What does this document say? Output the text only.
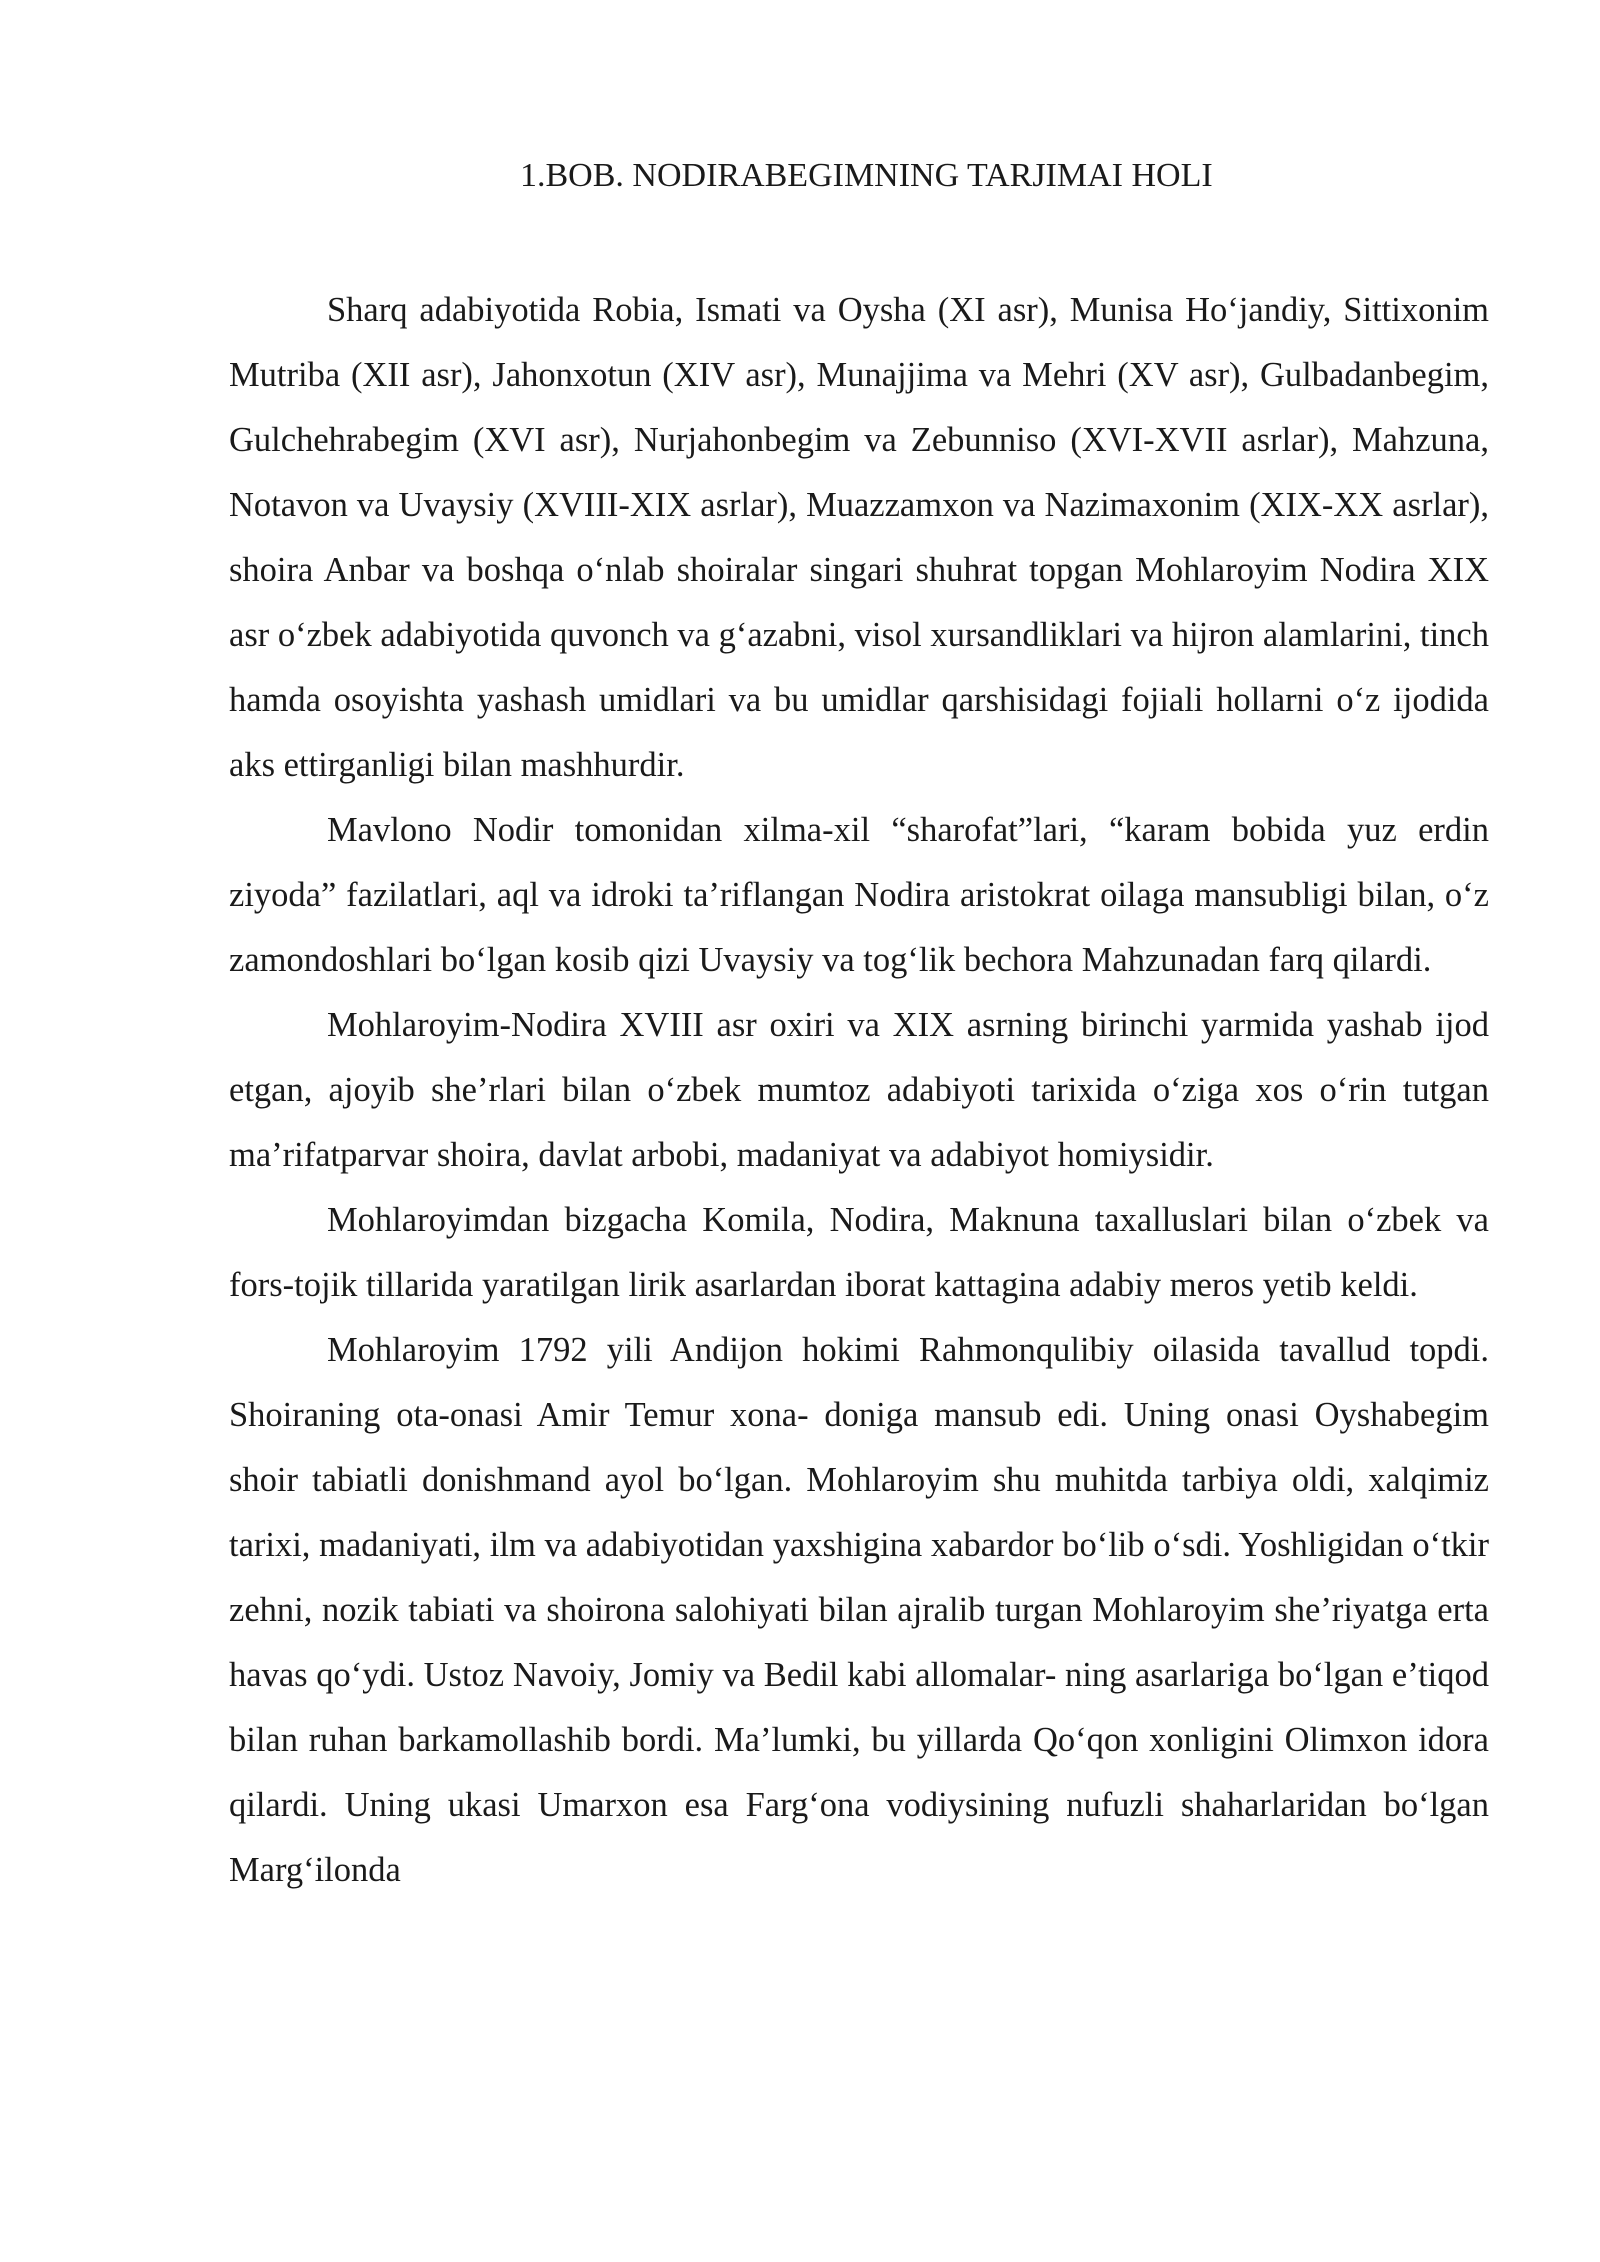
1.BOB. NODIRABEGIMNING TARJIMAI HOLI

Sharq adabiyotida Robia, Ismati va Oysha (XI asr), Munisa Hoʻjandiy, Sittixonim Mutriba (XII asr), Jahonxotun (XIV asr), Munajjima va Mehri (XV asr), Gulbadanbegim, Gulchehrabegim (XVI asr), Nurjahonbegim va Zebunniso (XVI-XVII asrlar), Mahzuna, Notavon va Uvaysiy (XVIII-XIX asrlar), Muazzamxon va Nazimaxonim (XIX-XX asrlar), shoira Anbar va boshqa oʻnlab shoiralar singari shuhrat topgan Mohlaroyim Nodira XIX asr oʻzbek adabiyotida quvonch va gʻazabni, visol xursandliklari va hijron alamlarini, tinch hamda osoyishta yashash umidlari va bu umidlar qarshisidagi fojiali hollarni oʻz ijodida aks ettirganligi bilan mashhurdir.

Mavlono Nodir tomonidan xilma-xil “sharofat”lari, “karam bobida yuz erdin ziyoda” fazilatlari, aql va idroki ta’riflangan Nodira aristokrat oilaga mansubligi bilan, oʻz zamondoshlari boʻlgan kosib qizi Uvaysiy va togʻlik bechora Mahzunadan farq qilardi.

Mohlaroyim-Nodira XVIII asr oxiri va XIX asrning birinchi yarmida yashab ijod etgan, ajoyib she’rlari bilan oʻzbek mumtoz adabiyoti tarixida oʻziga xos oʻrin tutgan ma’rifatparvar shoira, davlat arbobi, madaniyat va adabiyot homiysidir.

Mohlaroyimdan bizgacha Komila, Nodira, Maknuna taxalluslari bilan oʻzbek va fors-tojik tillarida yaratilgan lirik asarlardan iborat kattagina adabiy meros yetib keldi.

Mohlaroyim 1792 yili Andijon hokimi Rahmonqulibiy oilasida tavallud topdi. Shoiraning ota-onasi Amir Temur xona- doniga mansub edi. Uning onasi Oyshabegim shoir tabiatli donishmand ayol boʻlgan. Mohlaroyim shu muhitda tarbiya oldi, xalqimiz tarixi, madaniyati, ilm va adabiyotidan yaxshigina xabardor boʻlib oʻsdi. Yoshligidan oʻtkir zehni, nozik tabiati va shoirona salohiyati bilan ajralib turgan Mohlaroyim she’riyatga erta havas qoʻydi. Ustoz Navoiy, Jomiy va Bedil kabi allomalar- ning asarlariga boʻlgan e’tiqod bilan ruhan barkamollashib bordi. Ma’lumki, bu yillarda Qoʻqon xonligini Olimxon idora qilardi. Uning ukasi Umarxon esa Fargʻona vodiysining nufuzli shaharlaridan boʻlgan Margʻilonda
